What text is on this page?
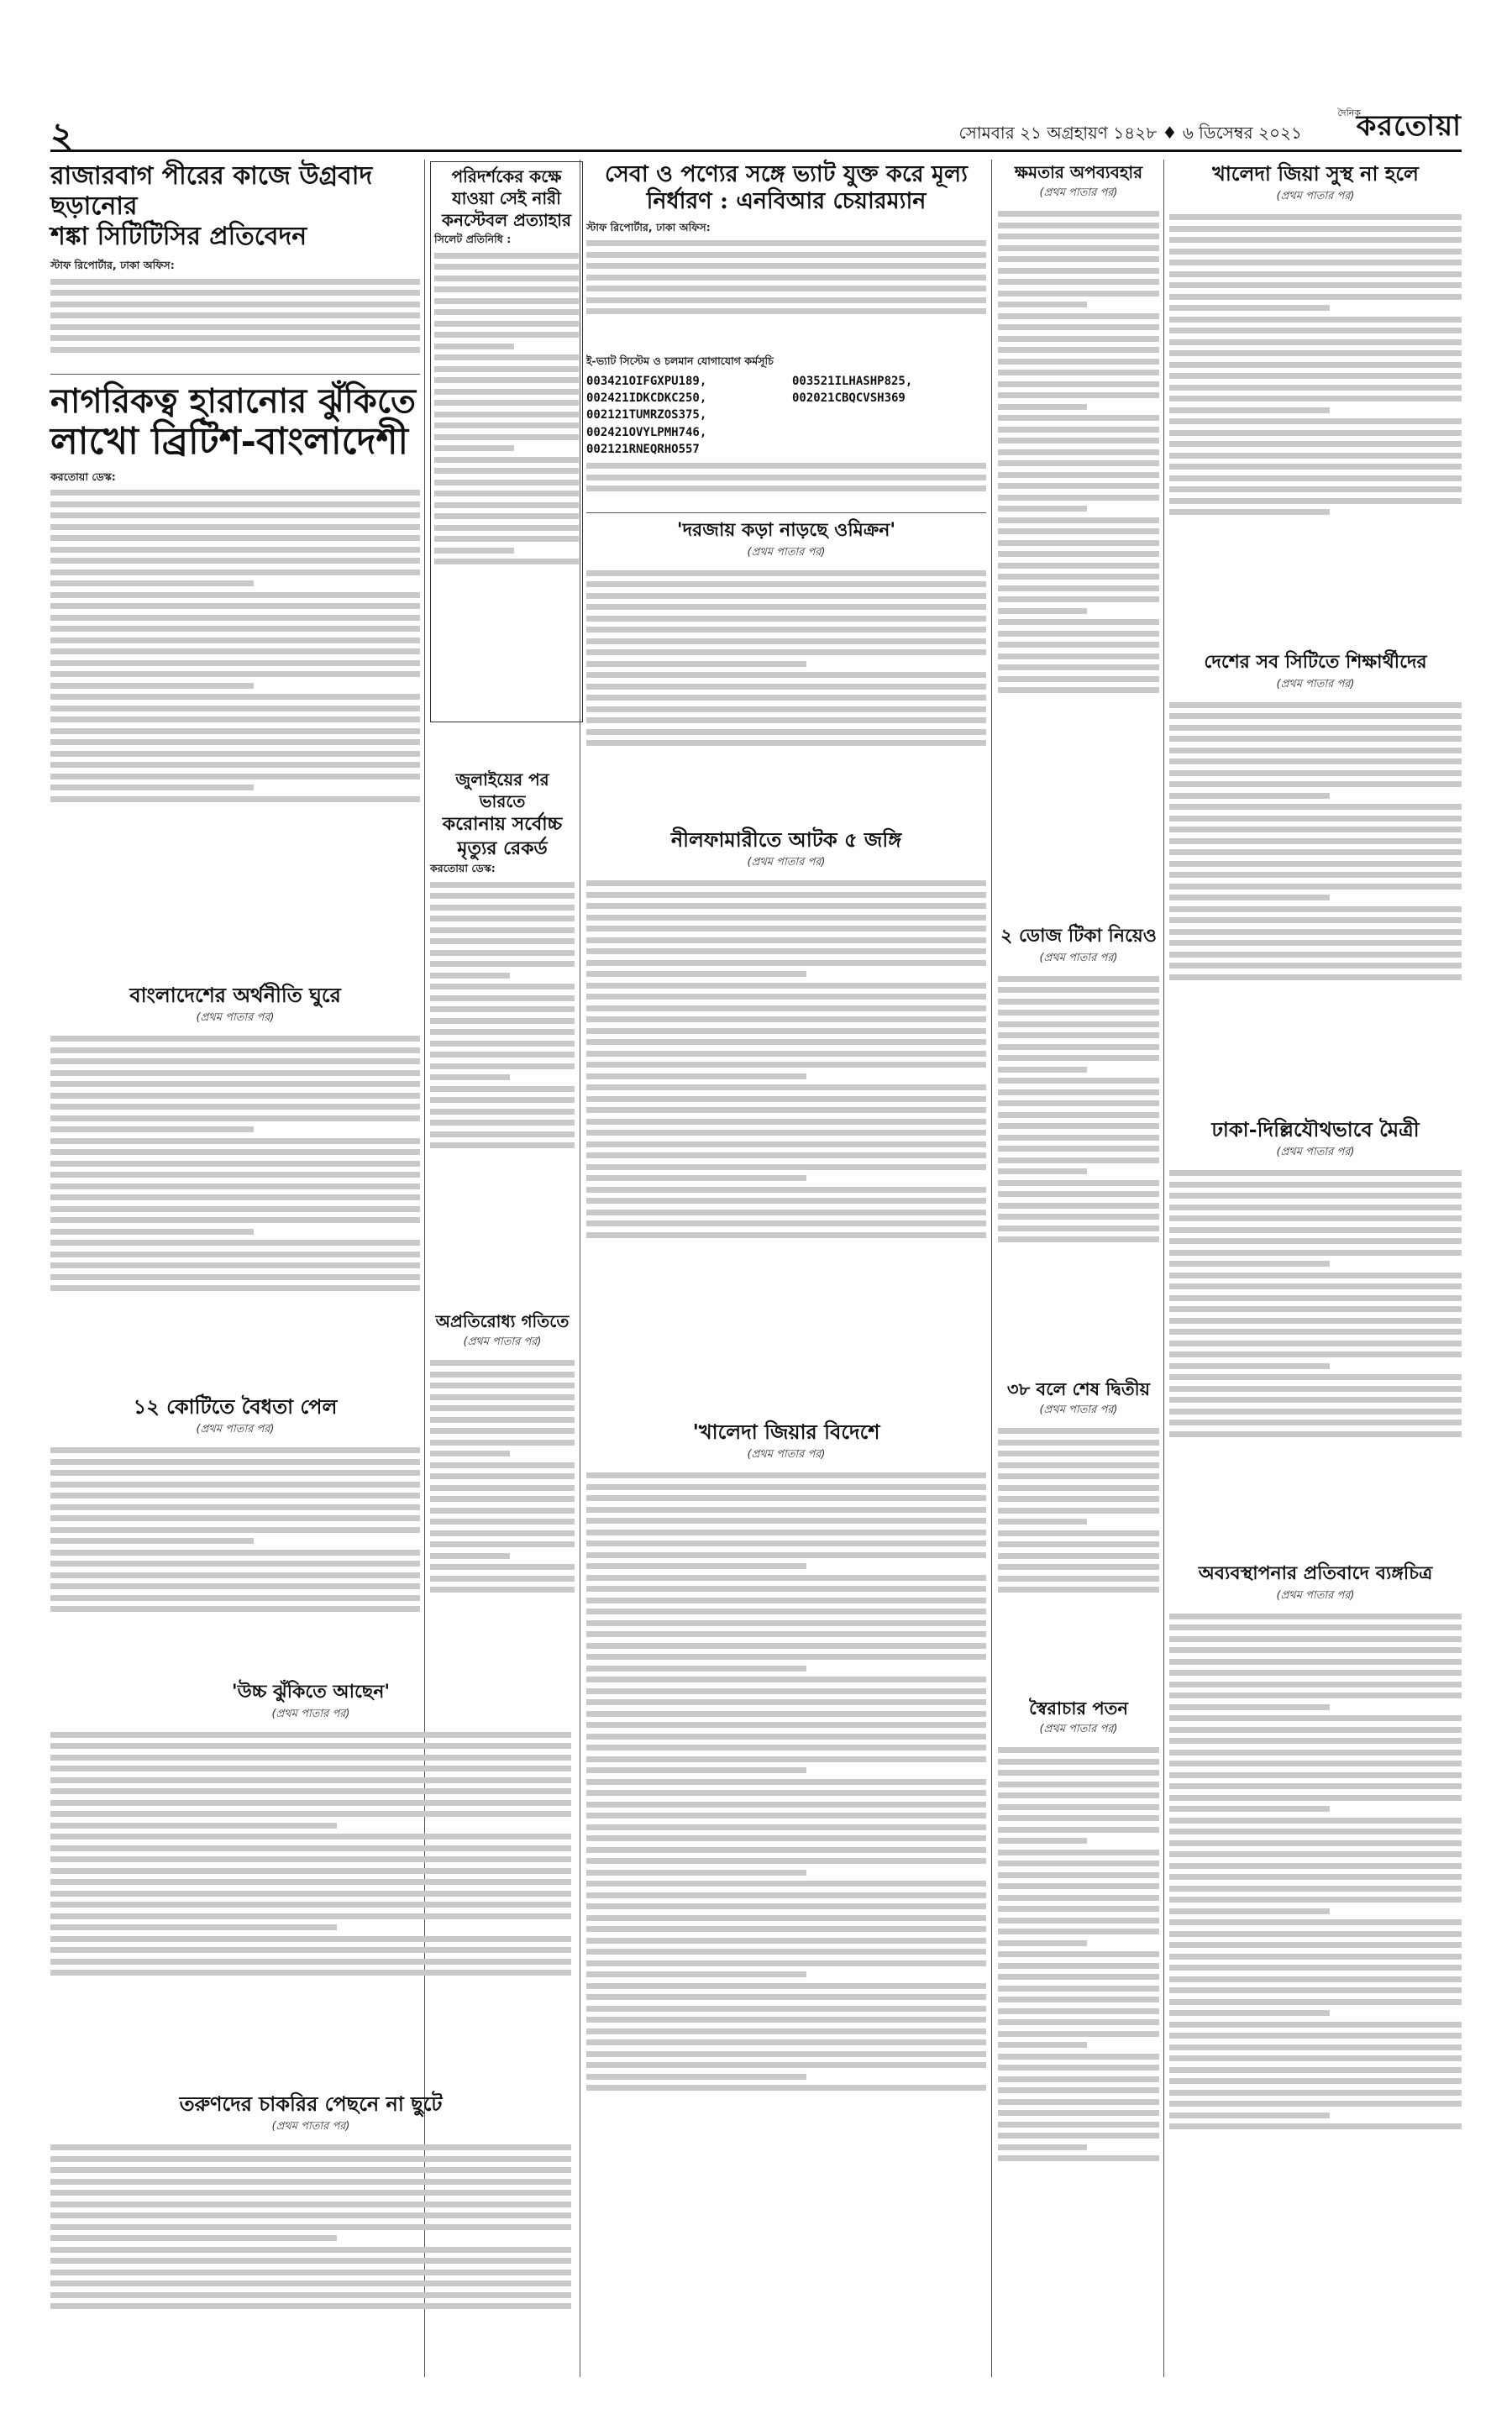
২	সোমবার ২১ অগ্রহায়ণ ১৪২৮ ♦ ৬ ডিসেম্বর ২০২১
দৈনিক
করতোয়া
রাজারবাগ পীরের কাজে উগ্রবাদ ছড়ানোর
শঙ্কা সিটিটিসির প্রতিবেদন
স্টাফ রিপোর্টার, ঢাকা অফিস:
নাগরিকত্ব হারানোর ঝুঁকিতে
লাখো ব্রিটিশ-বাংলাদেশী
করতোয়া ডেস্ক:
বাংলাদেশের অর্থনীতি ঘুরে
(প্রথম পাতার পর)
১২ কোটিতে বৈধতা পেল
(প্রথম পাতার পর)
'উচ্চ ঝুঁকিতে আছেন'
(প্রথম পাতার পর)
তরুণদের চাকরির পেছনে না ছুটে
(প্রথম পাতার পর)
পরিদর্শকের কক্ষে
যাওয়া সেই নারী
কনস্টেবল প্রত্যাহার
সিলেট প্রতিনিধি :
জুলাইয়ের পর ভারতে
করোনায় সর্বোচ্চ
মৃত্যুর রেকর্ড
করতোয়া ডেস্ক:
অপ্রতিরোধ্য গতিতে
(প্রথম পাতার পর)
সেবা ও পণ্যের সঙ্গে ভ্যাট যুক্ত করে মূল্য
নির্ধারণ : এনবিআর চেয়ারম্যান
স্টাফ রিপোর্টার, ঢাকা অফিস:
ই-ভ্যাট সিস্টেম ও চলমান যোগাযোগ কর্মসূচি
003421OIFGXPU189,
002421IDKCDKC250,
002121TUMRZOS375,
002421OVYLPMH746,
002121RNEQRHO557
003521ILHASHP825,
002021CBQCVSH369
'দরজায় কড়া নাড়ছে ওমিক্রন'
(প্রথম পাতার পর)
নীলফামারীতে আটক ৫ জঙ্গি
(প্রথম পাতার পর)
'খালেদা জিয়ার বিদেশে
(প্রথম পাতার পর)
ক্ষমতার অপব্যবহার
(প্রথম পাতার পর)
২ ডোজ টিকা নিয়েও
(প্রথম পাতার পর)
৩৮ বলে শেষ দ্বিতীয়
(প্রথম পাতার পর)
স্বৈরাচার পতন
(প্রথম পাতার পর)
খালেদা জিয়া সুস্থ না হলে
(প্রথম পাতার পর)
দেশের সব সিটিতে শিক্ষার্থীদের
(প্রথম পাতার পর)
ঢাকা-দিল্লিযৌথভাবে মৈত্রী
(প্রথম পাতার পর)
অব্যবস্থাপনার প্রতিবাদে ব্যঙ্গচিত্র
(প্রথম পাতার পর)
